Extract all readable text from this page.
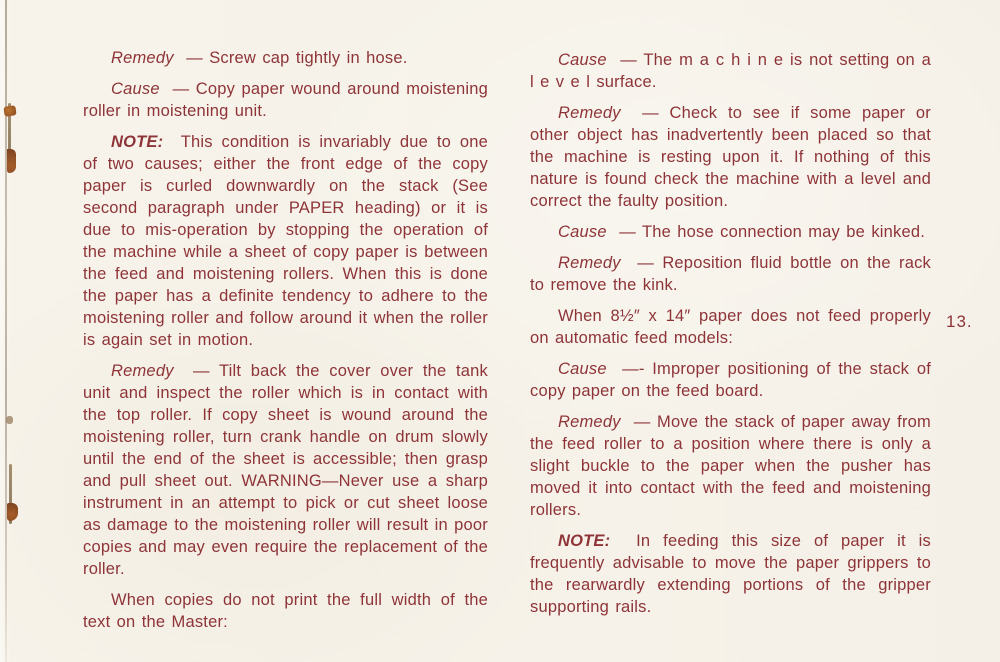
Remedy — Screw cap tightly in hose.

Cause — Copy paper wound around moistening roller in moistening unit.

NOTE: This condition is invariably due to one of two causes; either the front edge of the copy paper is curled downwardly on the stack (See second paragraph under PAPER heading) or it is due to mis-operation by stopping the operation of the machine while a sheet of copy paper is between the feed and moistening rollers. When this is done the paper has a definite tendency to adhere to the moistening roller and follow around it when the roller is again set in motion.

Remedy — Tilt back the cover over the tank unit and inspect the roller which is in contact with the top roller. If copy sheet is wound around the moistening roller, turn crank handle on drum slowly until the end of the sheet is accessible; then grasp and pull sheet out. WARNING—Never use a sharp instrument in an attempt to pick or cut sheet loose as damage to the moistening roller will result in poor copies and may even require the replacement of the roller.

When copies do not print the full width of the text on the Master:

Cause — The m a c h i n e is not setting on a l e v e l surface.

Remedy — Check to see if some paper or other object has inadvertently been placed so that the machine is resting upon it. If nothing of this nature is found check the machine with a level and correct the faulty position.

Cause — The hose connection may be kinked.

Remedy — Reposition fluid bottle on the rack to remove the kink.

When 8½″ x 14″ paper does not feed properly on automatic feed models:

Cause —- Improper positioning of the stack of copy paper on the feed board.

Remedy — Move the stack of paper away from the feed roller to a position where there is only a slight buckle to the paper when the pusher has moved it into contact with the feed and moistening rollers.

NOTE: In feeding this size of paper it is frequently advisable to move the paper grippers to the rearwardly extending portions of the gripper supporting rails.

13.
